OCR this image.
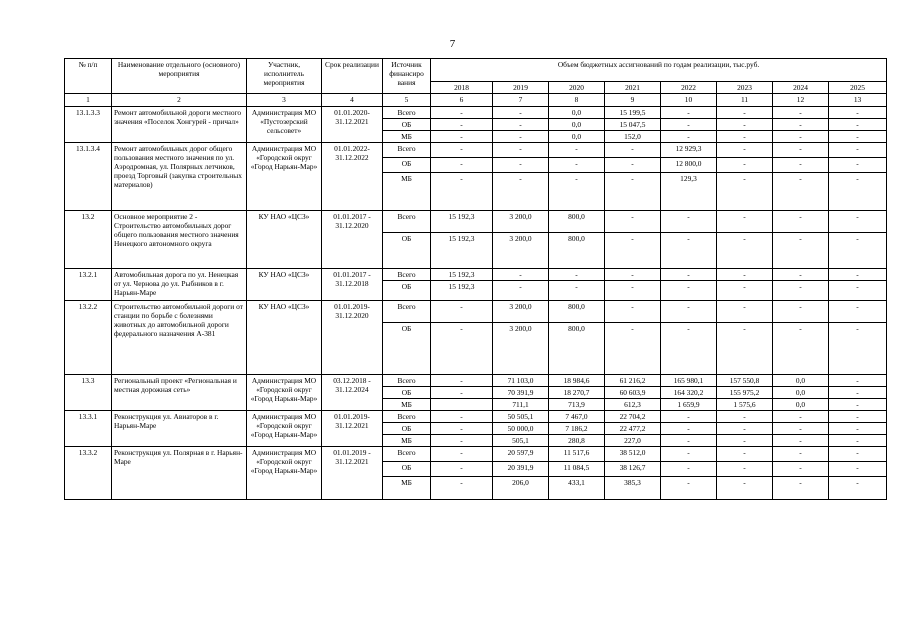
7
№ п/п	Наименование отдельного (основного) мероприятия	Участник, исполнитель мероприятия	Срок реализации	Источник финансиро вания	Объем бюджетных ассигнований по годам реализации, тыс.руб.							
					2018	2019	2020	2021	2022	2023	2024	2025
1	2	3	4	5	6	7	8	9	10	11	12	13
13.1.3.3	Ремонт автомобильной дороги местного значения «Поселок Хонгурей - причал»	Администрация МО «Пустозерский сельсовет»	01.01.2020-31.12.2021	Всего	-	-	0,0	15 199,5	-	-	-	-
				ОБ	-	-	0,0	15 047,5	-	-	-	-
				МБ	-	-	0,0	152,0	-	-	-	-
13.1.3.4	Ремонт автомобильных дорог общего пользования местного значения по ул. Аэродромная, ул. Полярных летчиков, проезд Торговый (закупка строительных материалов)	Администрация МО «Городской округ «Город Нарьян-Мар»	01.01.2022-31.12.2022	Всего	-	-	-	-	12 929,3	-	-	-
				ОБ	-	-	-	-	12 800,0	-	-	-
				МБ	-	-	-	-	129,3	-	-	-
13.2	Основное мероприятие 2 - Строительство автомобильных дорог общего пользования местного значения Ненецкого автономного округа	КУ НАО «ЦСЗ»	01.01.2017 - 31.12.2020	Всего	15 192,3	3 200,0	800,0	-	-	-	-	-
				ОБ	15 192,3	3 200,0	800,0	-	-	-	-	-
13.2.1	Автомобильная дорога по ул. Ненецкая от ул. Чернова до ул. Рыбников в г. Нарьян-Маре	КУ НАО «ЦСЗ»	01.01.2017 - 31.12.2018	Всего	15 192,3	-	-	-	-	-	-	-
				ОБ	15 192,3	-	-	-	-	-	-	-
13.2.2	Строительство автомобильной дороги от станции по борьбе с болезнями животных до автомобильной дороги федерального назначения А-381	КУ НАО «ЦСЗ»	01.01.2019-31.12.2020	Всего	-	3 200,0	800,0	-	-	-	-	-
				ОБ	-	3 200,0	800,0	-	-	-	-	-
13.3	Региональный проект «Региональная и местная дорожная сеть»	Администрация МО «Городской округ «Город Нарьян-Мар»	03.12.2018 - 31.12.2024	Всего	-	71 103,0	18 984,6	61 216,2	165 980,1	157 550,8	0,0	-
				ОБ	-	70 391,9	18 270,7	60 603,9	164 320,2	155 975,2	0,0	-
				МБ		711,1	713,9	612,3	1 659,9	1 575,6	0,0	-
13.3.1	Реконструкция ул. Авиаторов в г. Нарьян-Маре	Администрация МО «Городской округ «Город Нарьян-Мар»	01.01.2019-31.12.2021	Всего	-	50 505,1	7 467,0	22 704,2	-	-	-	-
				ОБ	-	50 000,0	7 186,2	22 477,2	-	-	-	-
				МБ	-	505,1	280,8	227,0	-	-	-	-
13.3.2	Реконструкция ул. Полярная в г. Нарьян-Маре	Администрация МО «Городской округ «Город Нарьян-Мар»	01.01.2019 - 31.12.2021	Всего	-	20 597,9	11 517,6	38 512,0	-	-	-	-
				ОБ	-	20 391,9	11 084,5	38 126,7	-	-	-	-
				МБ	-	206,0	433,1	385,3	-	-	-	-
